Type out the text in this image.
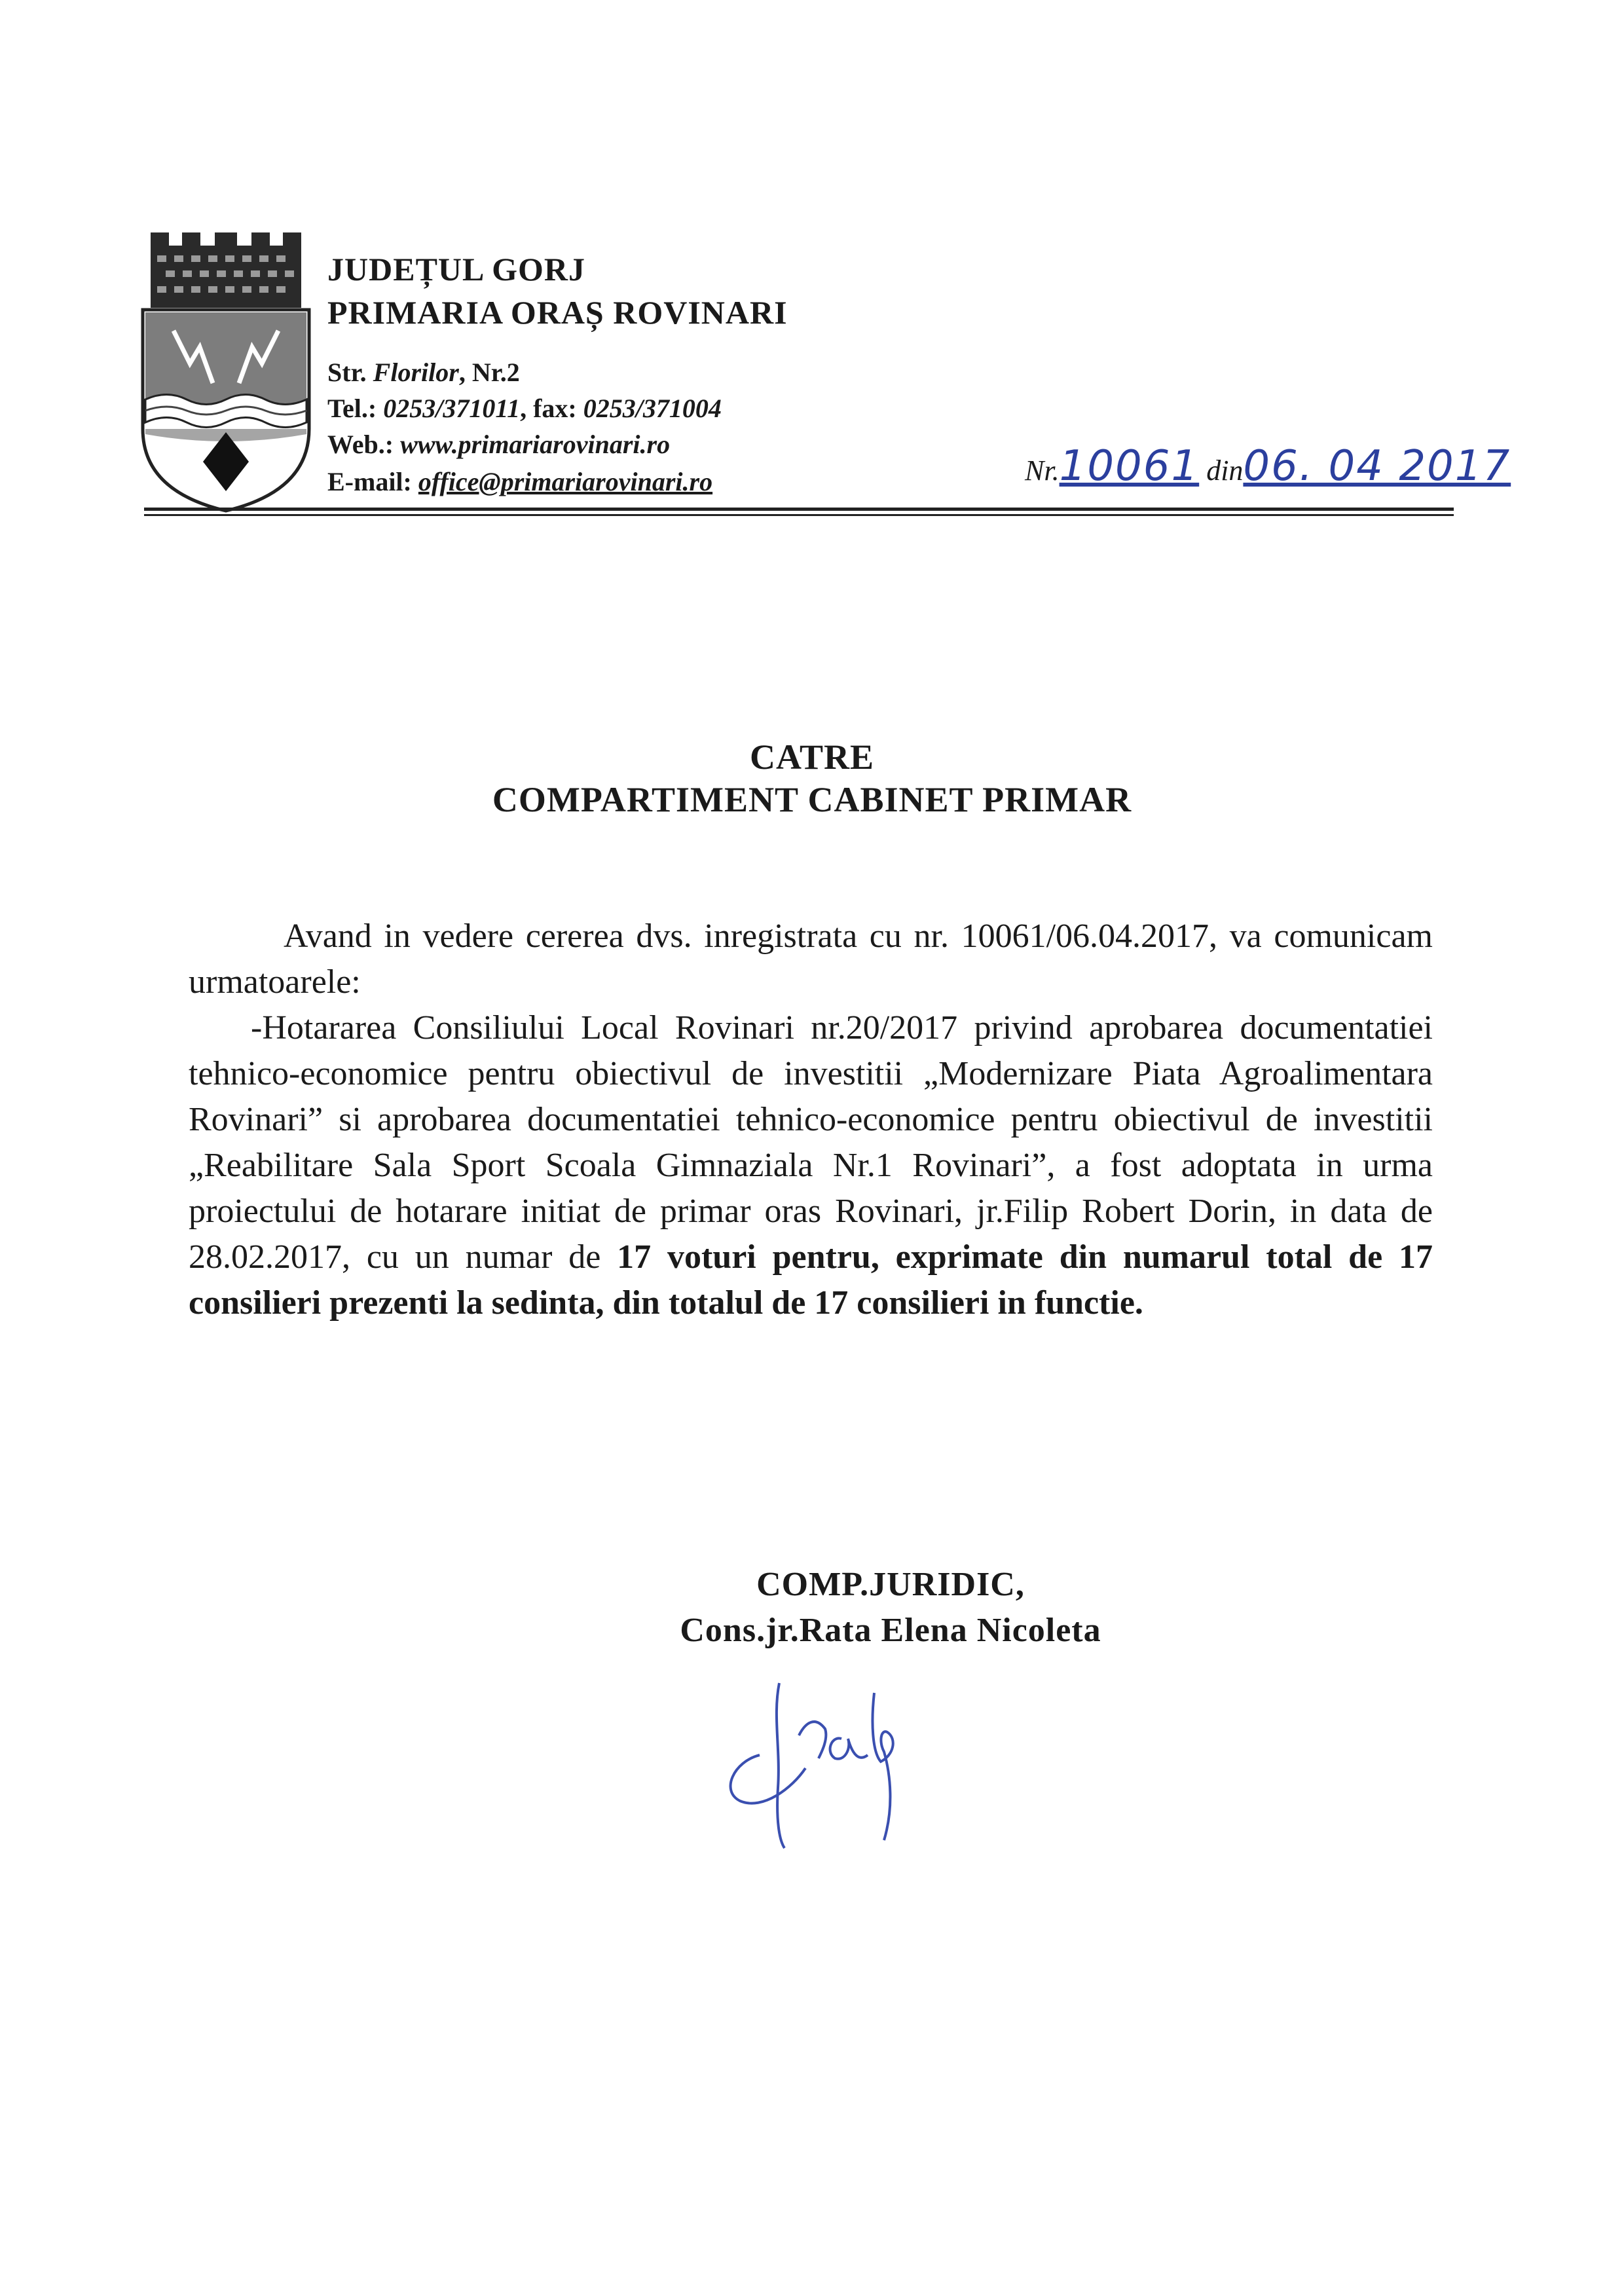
JUDEȚUL GORJ
PRIMARIA ORAȘ ROVINARI
Str. Florilor, Nr.2
Tel.: 0253/371011, fax: 0253/371004
Web.: www.primariarovinari.ro
E-mail: office@primariarovinari.ro	Nr.10061 din06. 04 2017
CATRE
COMPARTIMENT CABINET PRIMAR

Avand in vedere cererea dvs. inregistrata cu nr. 10061/06.04.2017, va comunicam urmatoarele:

-Hotararea Consiliului Local Rovinari nr.20/2017 privind aprobarea documentatiei tehnico-economice pentru obiectivul de investitii „Modernizare Piata Agroalimentara Rovinari” si aprobarea documentatiei tehnico-economice pentru obiectivul de investitii „Reabilitare Sala Sport Scoala Gimnaziala Nr.1 Rovinari”, a fost adoptata in urma proiectului de hotarare initiat de primar oras Rovinari, jr.Filip Robert Dorin, in data de 28.02.2017, cu un numar de 17 voturi pentru, exprimate din numarul total de 17 consilieri prezenti la sedinta, din totalul de 17 consilieri in functie.

COMP.JURIDIC,
Cons.jr.Rata Elena Nicoleta
